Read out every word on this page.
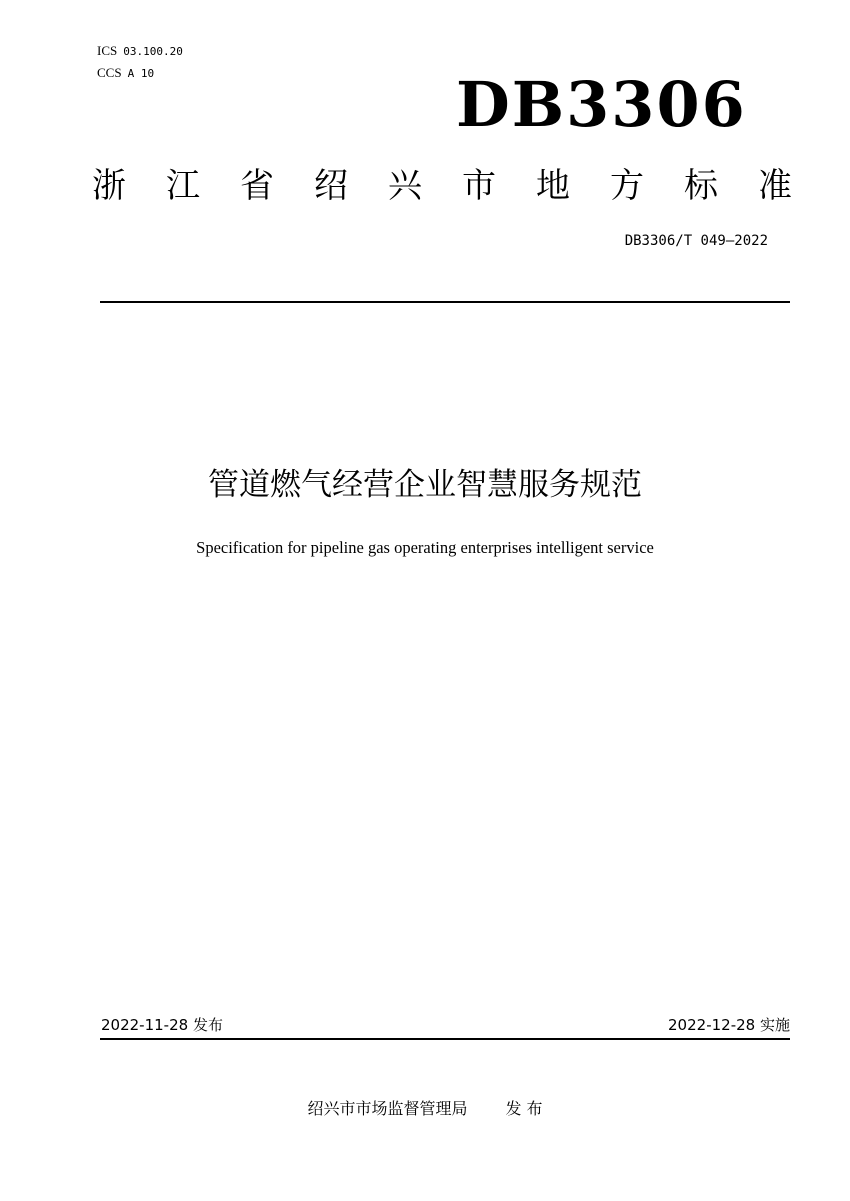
ICS 03.100.20
CCS A 10	DB3306
浙 江 省 绍 兴 市 地 方 标 准
DB3306/T 049—2022
管道燃气经营企业智慧服务规范
Specification for pipeline gas operating enterprises intelligent service
2022-11-28 发布	2022-12-28 实施
绍兴市市场监督管理局 发 布
